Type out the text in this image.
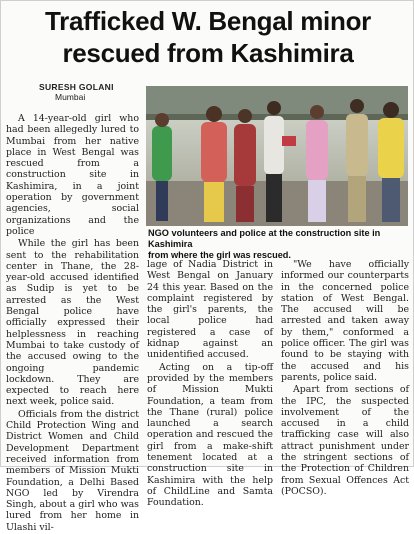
Trafficked W. Bengal minor
rescued from Kashimira
SURESH GOLANI
Mumbai

A 14-year-old girl who had been allegedly lured to Mumbai from her native place in West Bengal was rescued from a construction site in Kashimira, in a joint operation by government agencies, social organizations and the police

While the girl has been sent to the rehabilitation center in Thane, the 28-year-old accused identified as Sudip is yet to be arrested as the West Bengal police have officially expressed their helplessness in reaching Mumbai to take custody of the accused owing to the ongoing pandemic lockdown. They are expected to reach here next week, police said.

Officials from the district Child Protection Wing and District Women and Child Development Department received information from members of Mission Mukti Foundation, a Delhi Based NGO led by Virendra Singh, about a girl who was lured from her home in Ulashi vil-

NGO volunteers and police at the construction site in Kashimira
from where the girl was rescued.

lage of Nadia District in West Bengal on January 24 this year. Based on the complaint registered by the girl's parents, the local police had registered a case of kidnap against an unidentified accused.

Acting on a tip-off provided by the members of Mission Mukti Foundation, a team from the Thane (rural) police launched a search operation and rescued the girl from a make-shift tenement located at a construction site in Kashimira with the help of ChildLine and Samta Foundation.

"We have officially informed our counterparts in the concerned police station of West Bengal. The accused will be arrested and taken away by them," conformed a police officer. The girl was found to be staying with the accused and his parents, police said.

Apart from sections of the IPC, the suspected involvement of the accused in a child trafficking case will also attract punishment under the stringent sections of the Protection of Children from Sexual Offences Act (POCSO).
